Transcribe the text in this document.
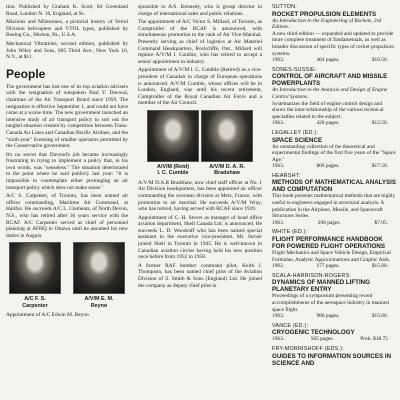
tion. Published by Graham K. Scott, 84 Greenland Road, London N. 10, England, at 9s.

Missions and Milestones, a pictorial history of Vertol Division helicopters and VTOL types, published by Boeing Co., Morton, Pa., U.S.A.

Mechanical Vibrations, second edition, published by John Wiley and Sons, 605 Third Ave., New York 16, N.Y., at $11.

People

The government has lost one of its top aviation advisers with the resignation of outspoken Paul Y. Davoud, chairman of the Air Transport Board since 1959. The resignation is effective September 1, and could not have come at a worse time. The new government launched an intensive study of air transport policy to sort out the tangled situation created by competition between Trans-Canada Air Lines and Canadian Pacific Airlines, and the "sixth-year" licensing of smaller operators permitted by the Conservative government.

It's no secret that Davoud's job became increasingly frustrating in trying to implement a policy that, in his own words, was "senseless." The situation deteriorated to the point where he said publicly last year: "It is impossible to contemplate either prolonging an air transport policy which does not make sense."

A/C S. Carpenter, of Toronto, has been named air officer commanding, Maritime Air Command, at Halifax. He succeeds A/C L. Clements, of North Devon, N.S., who has retired after 30 years service with the RCAF. A/C Carpenter served as chief of personnel planning at AFHQ in Ottawa until he assumed his new duties in August.

A/C F. S.
Carpenter
A/V/M E. M.
Reyno

Appointment of A/C Edwin M. Reyno

sponsible to A/S. Kennedy, who is group director in charge of international sales and public relations.

The appointment of A/C Victor S. Millard, of Toronto, as Comptroller of the RCAF is announced, with simultaneous promotion to the rank of Air Vice-Marshal. Presently serving as chief of logistics at Air Materiel Command Headquarters, Rockcliffe, Ont., Millard will replace A/V/M I. Conibie, who has retired to accept a senior appointment in industry.

Appointment of A/V/M I. C. Cumble (Retired) as a vice-president of Canadair in charge of European operations is announced. A/V/M Cumble, whose offices will be in London, England, was until his recent retirement, Comptroller of the Royal Canadian Air Force and a member of the Air Council.

A/V/M (Retd)
I. C. Cumble
A/V/M D. A. R.
Bradshaw

A/V/M D.A.R Bradshaw, now chief staff officer at No. 1 Air Division headquarters, has been appointed air officer commanding the overseas division at Metz, France, with promotion to air marshal. He succeeds A/V/M Wray, who has retired, having served with RCAF since 1939.

Appointment of C. H. Stover as manager of head office aviation department, Shell Canada Ltd. is announced. He succeeds L. D. Woodruff who has been named special assistant to the executive vice-president. Mr. Stover joined Shell in Toronto in 1945. He is well-known in Canadian aviation circles having held his new position once before from 1952 to 1958.

A former RAF bomber command pilot, Keith J. Thompson, has been named chief pilot of the Aviation Division of S. Smith & Sons (England) Ltd. He joined the company as deputy chief pilot in

SUTTON:
ROCKET PROPULSION ELEMENTS
An Introduction to the Engineering of Rockets, 3rd Edition.
A new third edition — expanded and updated to provide more complete treatment of fundamentals, as well as broader discussion of specific types of rocket propulsion systems.
1963.	464 pages.	$10.50.
SONES-SUSSIE:
CONTROL OF AIRCRAFT AND MISSILE POWERPLANTS
An Introduction to the Analysis and Design of Engine Control Systems.
Systematizes the field of engine control design and shows the inter-relationship of the various technical specialties related to the subject.
1963.	428 pages.	$12.50.
LEGALLEY (ED.):
SPACE SCIENCE
An outstanding collection of the theoretical and experimental findings of the first five years of the "Space Age."
1963.	806 pages.	$17.50.
HEARSHT:
METHODS OF MATHEMATICAL ANALYSIS AND COMPUTATION
This book presents mathematical methods that are highly useful to engineers engaged in structural analysis. A publication in the Airplane, Missile, and Spacecraft Structures Series.
1963.	298 pages.	$7.95.
WHITE (ED.):
FLIGHT PERFORMANCE HANDBOOK FOR POWERED FLIGHT OPERATIONS
Flight Mechanics and Space Vehicle Design, Empirical Formulae, Analytic Approximations and Graphic Aids.
1962.	177 pages.	$15.00.
SCALA-HARRISON-ROGERS:
DYNAMICS OF MANNED LIFTING PLANETARY ENTRY
Proceedings of a symposium presenting recent accomplishments of the aerospace industry in manned space flight.
1963.	980 pages.	$15.00.
VANCE (ED.):
CRYOGENIC TECHNOLOGY
1963.	585 pages.	Prob. $18.75
FRY-MORRISHOFF (EDS.):
GUIDES TO INFORMATION SOURCES IN SCIENCE AND
